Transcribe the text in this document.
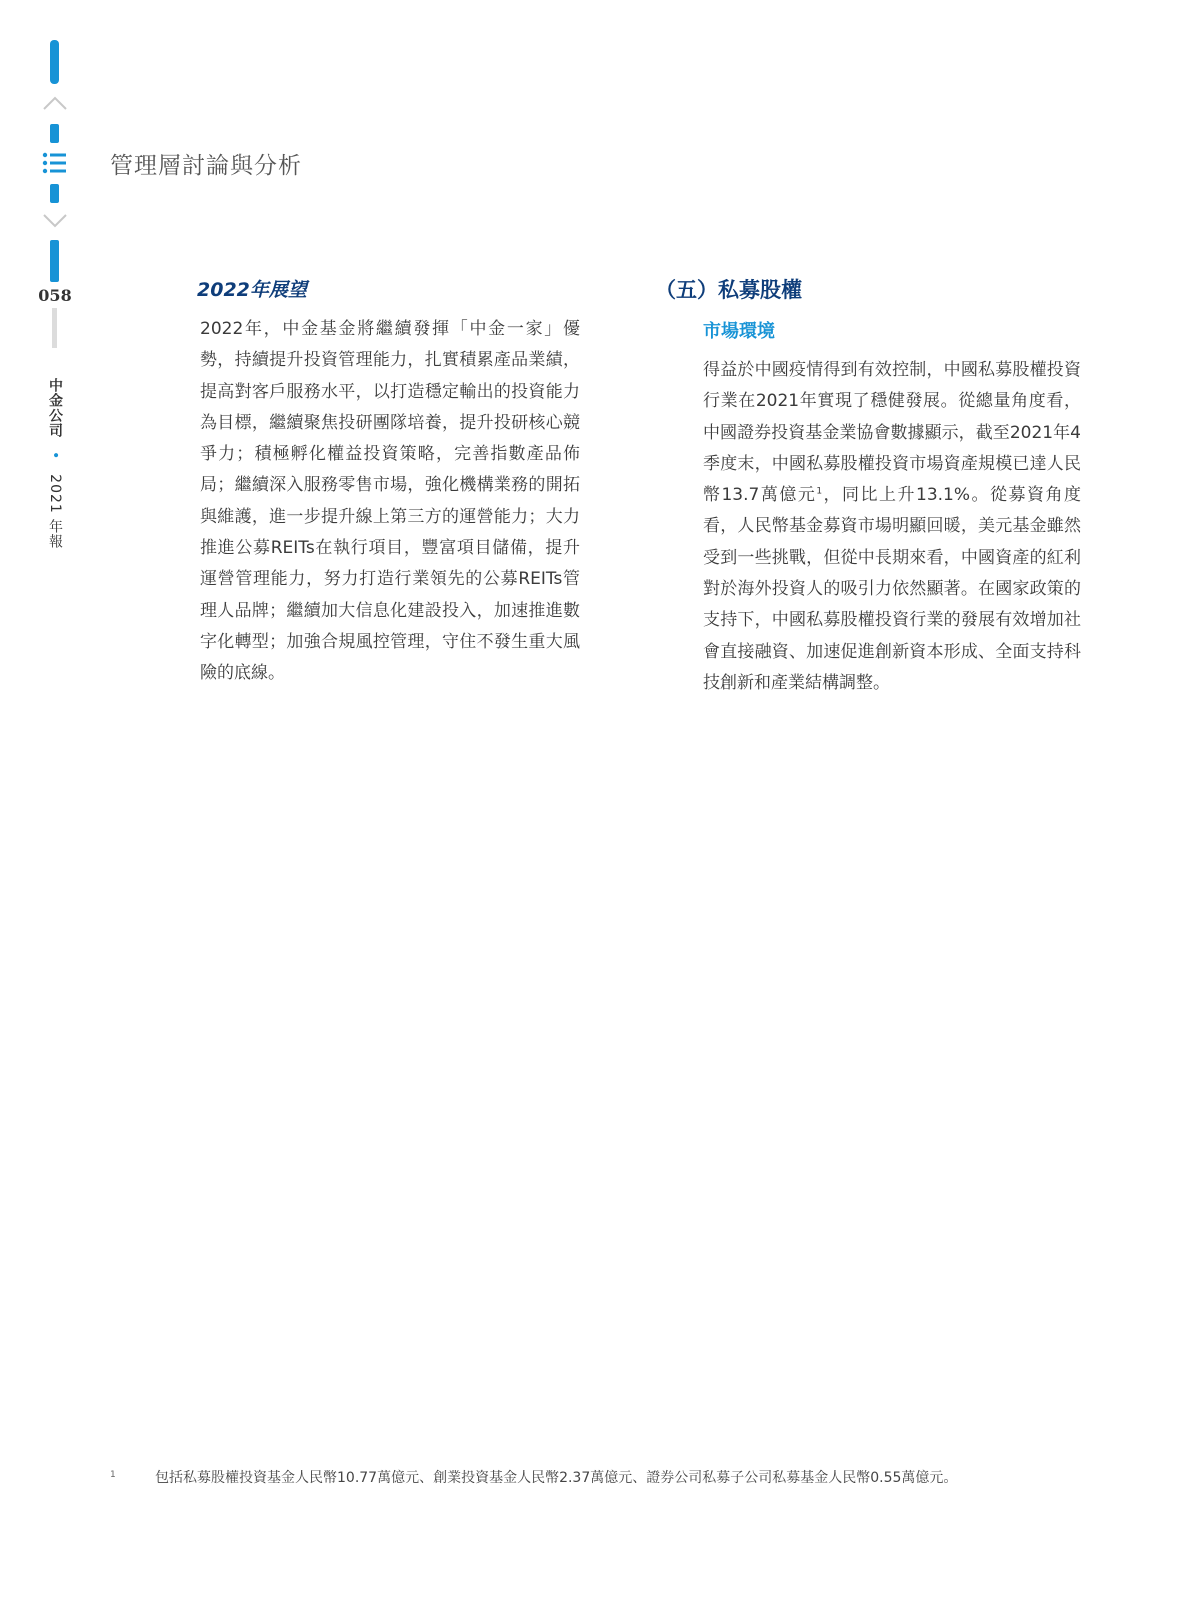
058
中金公司 • 2021 年報
管理層討論與分析
2022年展望

2022年，中金基金將繼續發揮「中金一家」優勢，持續提升投資管理能力，扎實積累產品業績，提高對客戶服務水平，以打造穩定輸出的投資能力為目標，繼續聚焦投研團隊培養，提升投研核心競爭力；積極孵化權益投資策略，完善指數產品佈局；繼續深入服務零售市場，強化機構業務的開拓與維護，進一步提升線上第三方的運營能力；大力推進公募REITs在執行項目，豐富項目儲備，提升運營管理能力，努力打造行業領先的公募REITs管理人品牌；繼續加大信息化建設投入，加速推進數字化轉型；加強合規風控管理，守住不發生重大風險的底線。

（五）私募股權
市場環境

得益於中國疫情得到有效控制，中國私募股權投資行業在2021年實現了穩健發展。從總量角度看，中國證券投資基金業協會數據顯示，截至2021年4季度末，中國私募股權投資市場資產規模已達人民幣13.7萬億元$^1$，同比上升13.1%。從募資角度看，人民幣基金募資市場明顯回暖，美元基金雖然受到一些挑戰，但從中長期來看，中國資產的紅利對於海外投資人的吸引力依然顯著。在國家政策的支持下，中國私募股權投資行業的發展有效增加社會直接融資、加速促進創新資本形成、全面支持科技創新和產業結構調整。

1	包括私募股權投資基金人民幣10.77萬億元、創業投資基金人民幣2.37萬億元、證券公司私募子公司私募基金人民幣0.55萬億元。
